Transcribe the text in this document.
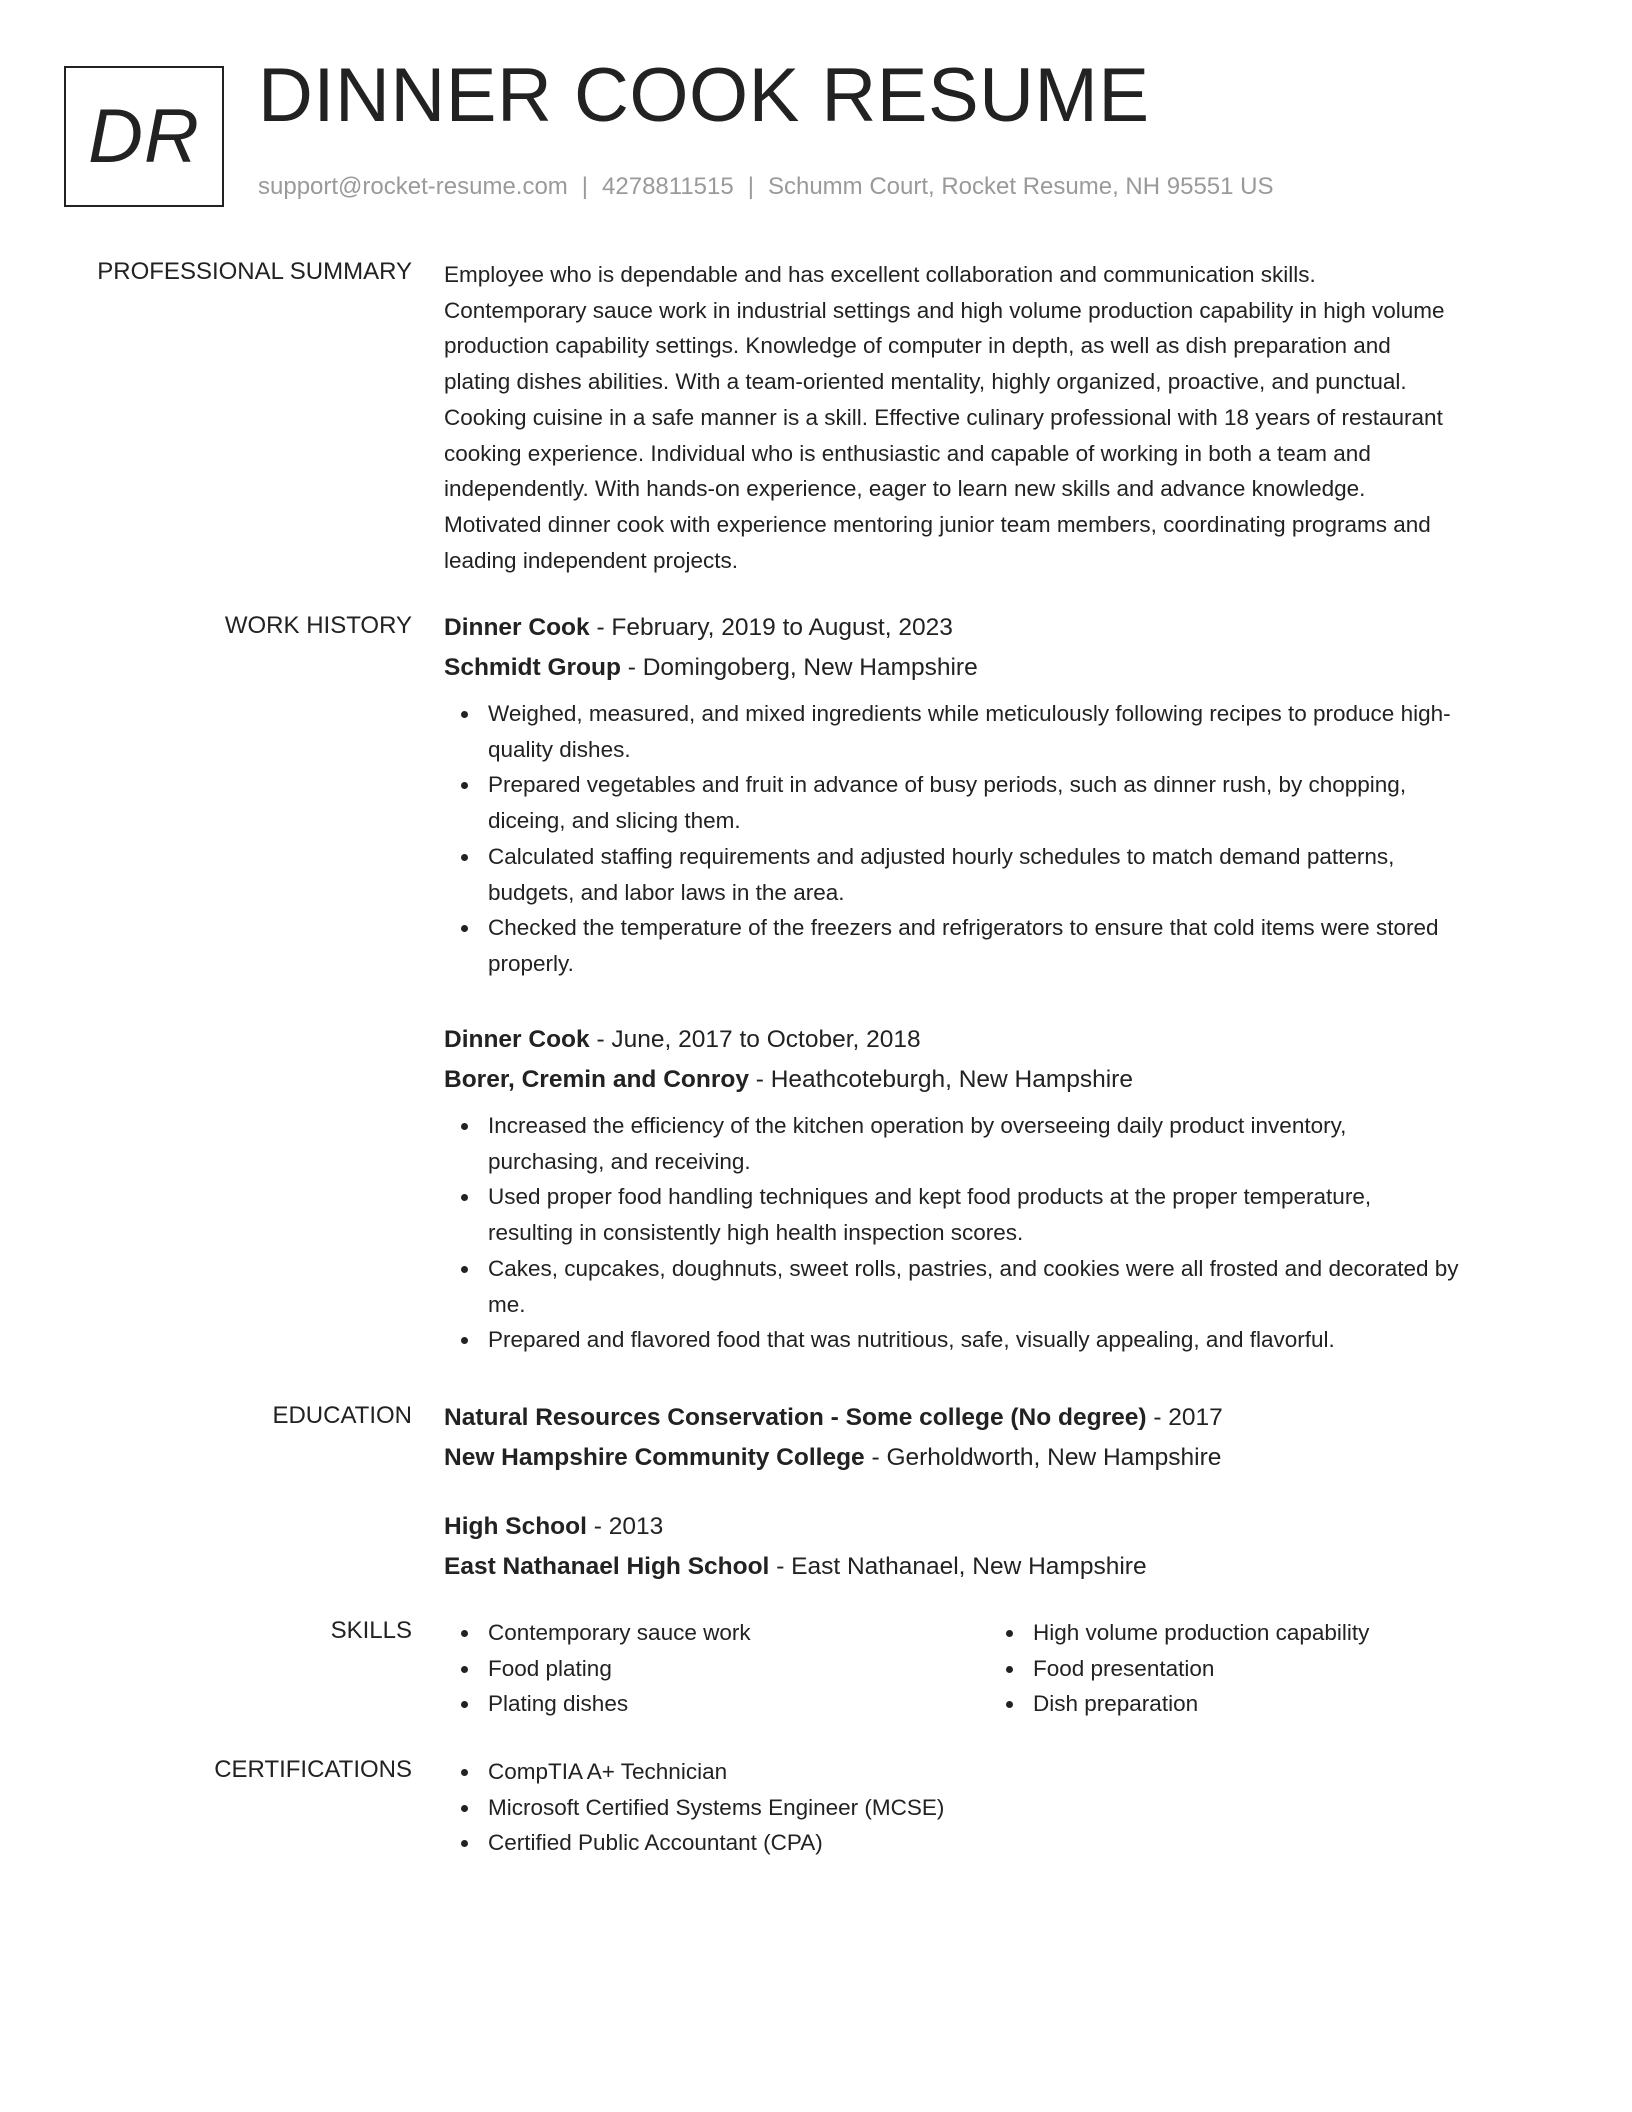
DR DINNER COOK RESUME
support@rocket-resume.com | 4278811515 | Schumm Court, Rocket Resume, NH 95551 US
PROFESSIONAL SUMMARY Employee who is dependable and has excellent collaboration and communication skills.
Contemporary sauce work in industrial settings and high volume production capability in high volume
production capability settings. Knowledge of computer in depth, as well as dish preparation and
plating dishes abilities. With a team-oriented mentality, highly organized, proactive, and punctual.
Cooking cuisine in a safe manner is a skill. Effective culinary professional with 18 years of restaurant
cooking experience. Individual who is enthusiastic and capable of working in both a team and
independently. With hands-on experience, eager to learn new skills and advance knowledge.
Motivated dinner cook with experience mentoring junior team members, coordinating programs and
leading independent projects.
WORK HISTORY Dinner Cook - February, 2019 to August, 2023
Schmidt Group - Domingoberg, New Hampshire
Weighed, measured, and mixed ingredients while meticulously following recipes to produce high-
quality dishes.
Prepared vegetables and fruit in advance of busy periods, such as dinner rush, by chopping,
diceing, and slicing them.
Calculated staffing requirements and adjusted hourly schedules to match demand patterns,
budgets, and labor laws in the area.
Checked the temperature of the freezers and refrigerators to ensure that cold items were stored
properly.
Dinner Cook - June, 2017 to October, 2018
Borer, Cremin and Conroy - Heathcoteburgh, New Hampshire
Increased the efficiency of the kitchen operation by overseeing daily product inventory,
purchasing, and receiving.
Used proper food handling techniques and kept food products at the proper temperature,
resulting in consistently high health inspection scores.
Cakes, cupcakes, doughnuts, sweet rolls, pastries, and cookies were all frosted and decorated by
me.
Prepared and flavored food that was nutritious, safe, visually appealing, and flavorful.
EDUCATION Natural Resources Conservation - Some college (No degree) - 2017
New Hampshire Community College - Gerholdworth, New Hampshire
High School - 2013
East Nathanael High School - East Nathanael, New Hampshire
SKILLS	Contemporary sauce work
Food plating
Plating dishes
High volume production capability
Food presentation
Dish preparation
CERTIFICATIONS	CompTIA A+ Technician
Microsoft Certified Systems Engineer (MCSE)
Certified Public Accountant (CPA)
